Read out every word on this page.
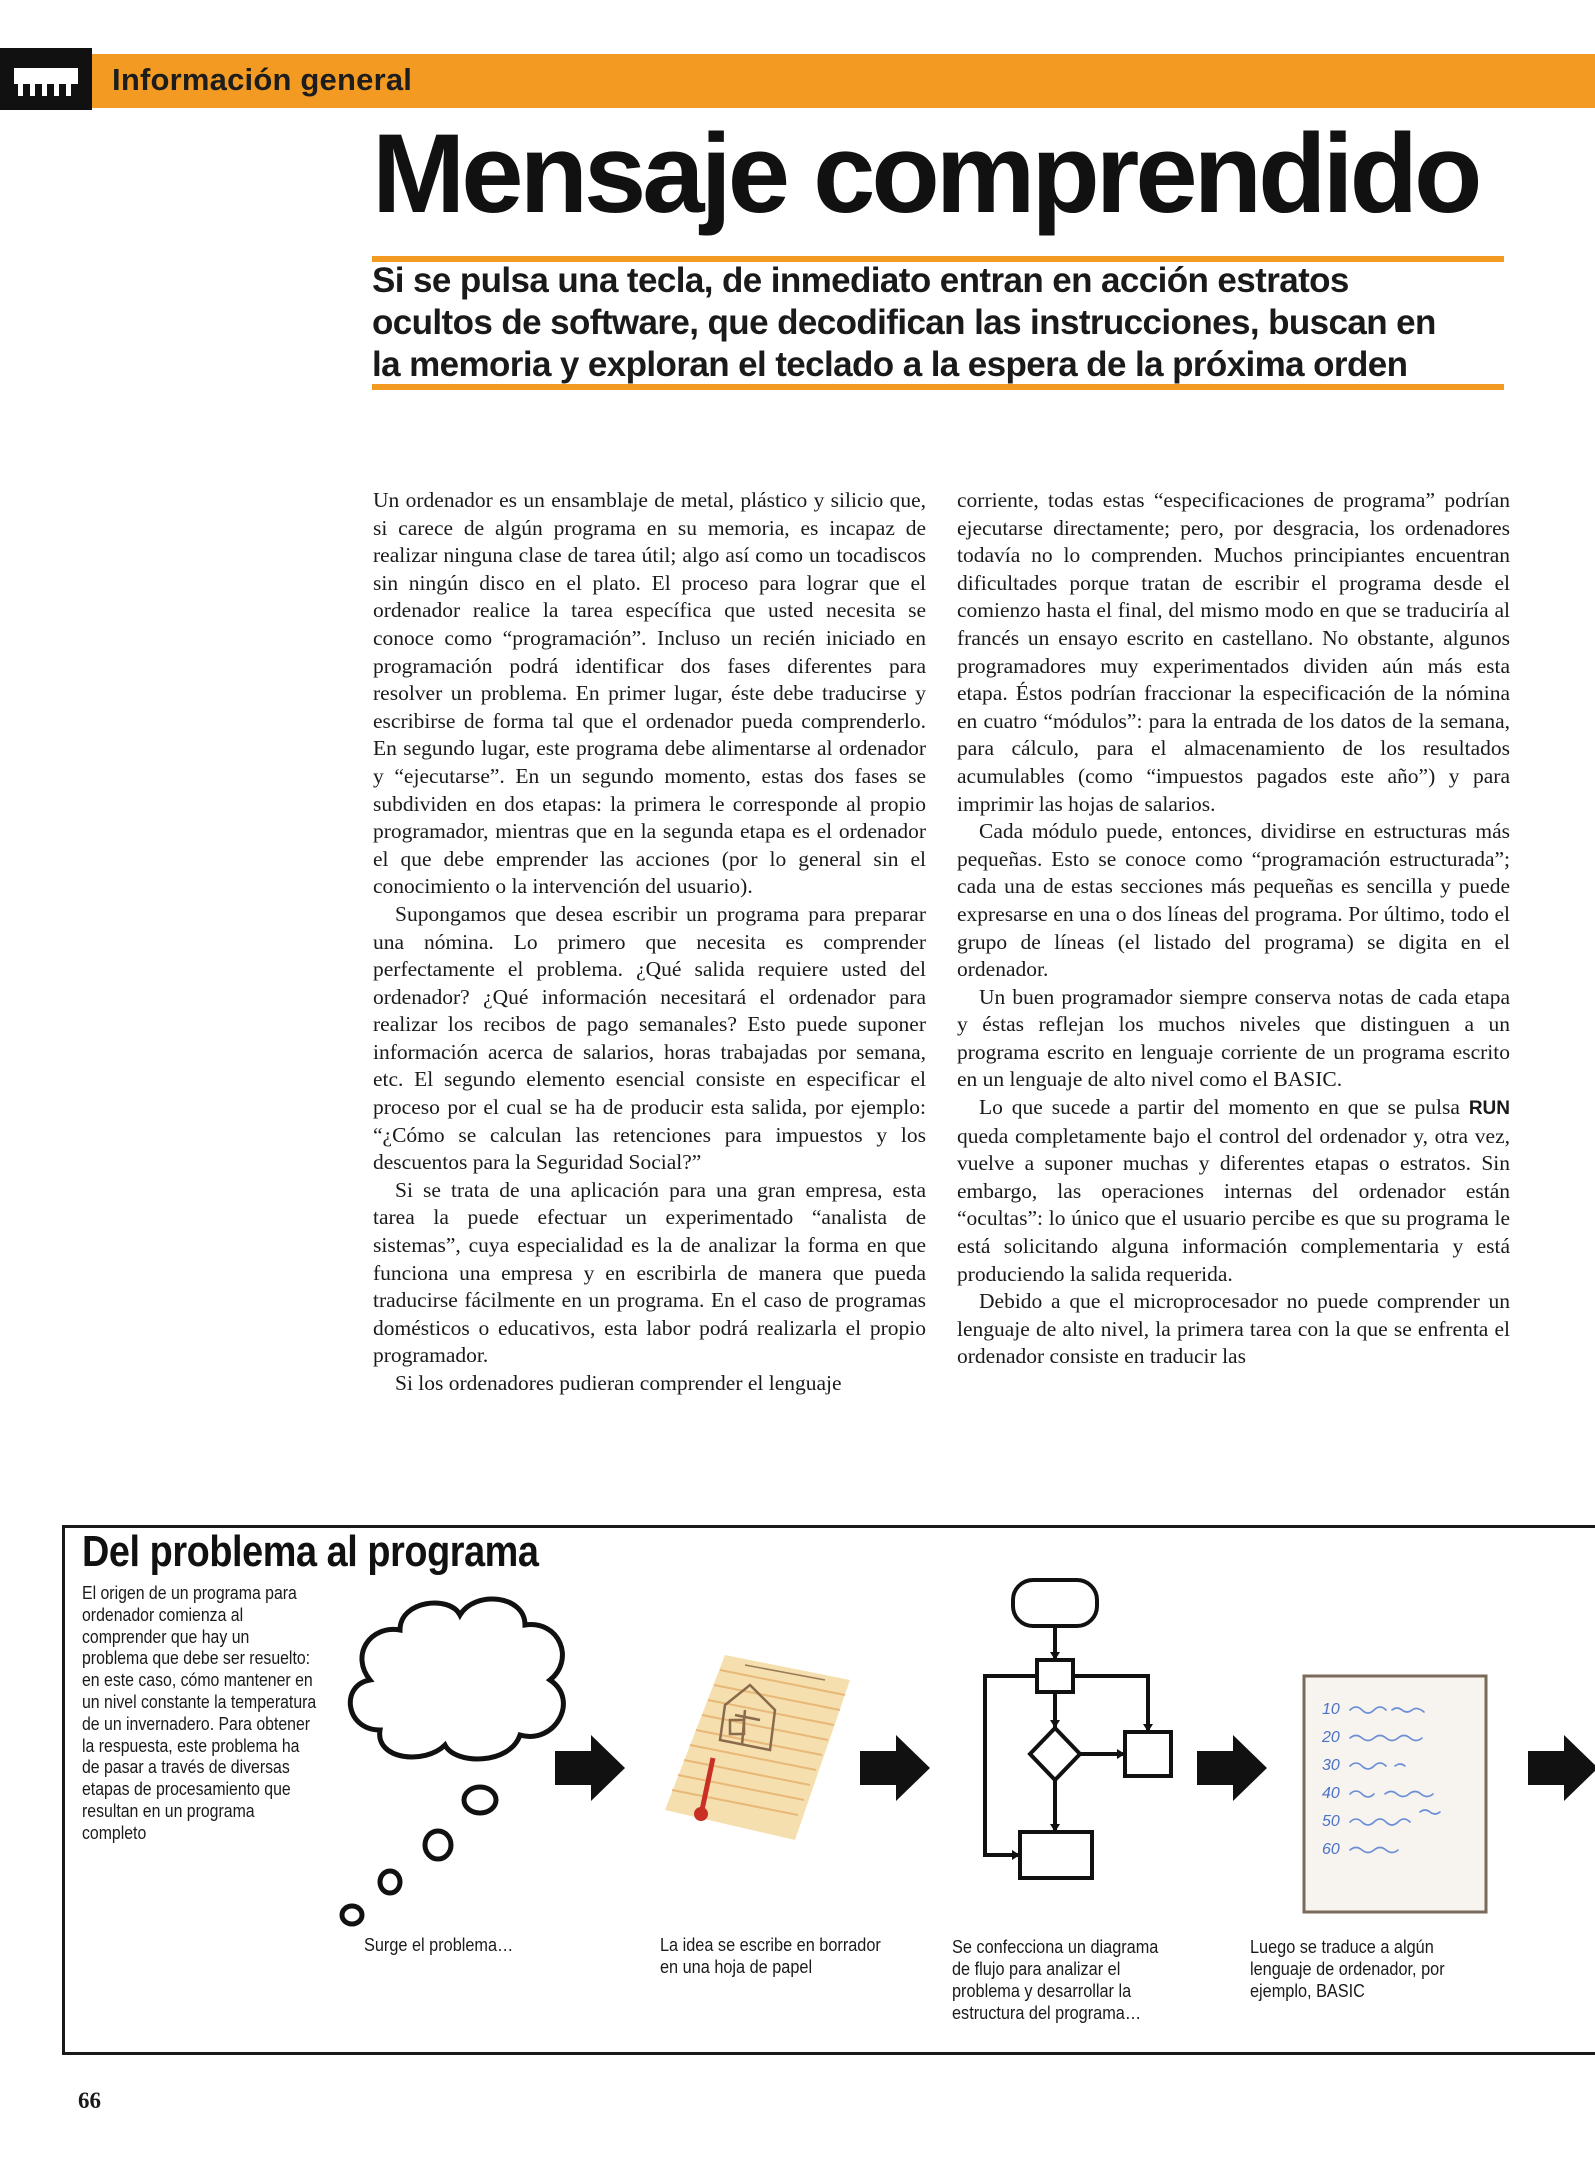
Información general
Mensaje comprendido
Si se pulsa una tecla, de inmediato entran en acción estratos
ocultos de software, que decodifican las instrucciones, buscan en
la memoria y exploran el teclado a la espera de la próxima orden

Un ordenador es un ensamblaje de metal, plástico y silicio que, si carece de algún programa en su memoria, es incapaz de realizar ninguna clase de tarea útil; algo así como un tocadiscos sin ningún disco en el plato. El proceso para lograr que el ordenador realice la tarea específica que usted necesita se conoce como “programación”. Incluso un recién iniciado en programación podrá identificar dos fases diferentes para resolver un problema. En primer lugar, éste debe traducirse y escribirse de forma tal que el ordenador pueda comprenderlo. En segundo lugar, este programa debe alimentarse al ordenador y “ejecutarse”. En un segundo momento, estas dos fases se subdividen en dos etapas: la primera le corresponde al propio programador, mientras que en la segunda etapa es el ordenador el que debe emprender las acciones (por lo general sin el conocimiento o la intervención del usuario).

Supongamos que desea escribir un programa para preparar una nómina. Lo primero que necesita es comprender perfectamente el problema. ¿Qué salida requiere usted del ordenador? ¿Qué información necesitará el ordenador para realizar los recibos de pago semanales? Esto puede suponer información acerca de salarios, horas trabajadas por semana, etc. El segundo elemento esencial consiste en especificar el proceso por el cual se ha de producir esta salida, por ejemplo: “¿Cómo se calculan las retenciones para impuestos y los descuentos para la Seguridad Social?”

Si se trata de una aplicación para una gran empresa, esta tarea la puede efectuar un experimentado “analista de sistemas”, cuya especialidad es la de analizar la forma en que funciona una empresa y en escribirla de manera que pueda traducirse fácilmente en un programa. En el caso de programas domésticos o educativos, esta labor podrá realizarla el propio programador.

Si los ordenadores pudieran comprender el lenguaje

corriente, todas estas “especificaciones de programa” podrían ejecutarse directamente; pero, por desgracia, los ordenadores todavía no lo comprenden. Muchos principiantes encuentran dificultades porque tratan de escribir el programa desde el comienzo hasta el final, del mismo modo en que se traduciría al francés un ensayo escrito en castellano. No obstante, algunos programadores muy experimentados dividen aún más esta etapa. Éstos podrían fraccionar la especificación de la nómina en cuatro “módulos”: para la entrada de los datos de la semana, para cálculo, para el almacenamiento de los resultados acumulables (como “impuestos pagados este año”) y para imprimir las hojas de salarios.

Cada módulo puede, entonces, dividirse en estructuras más pequeñas. Esto se conoce como “programación estructurada”; cada una de estas secciones más pequeñas es sencilla y puede expresarse en una o dos líneas del programa. Por último, todo el grupo de líneas (el listado del programa) se digita en el ordenador.

Un buen programador siempre conserva notas de cada etapa y éstas reflejan los muchos niveles que distinguen a un programa escrito en lenguaje corriente de un programa escrito en un lenguaje de alto nivel como el BASIC.

Lo que sucede a partir del momento en que se pulsa RUN queda completamente bajo el control del ordenador y, otra vez, vuelve a suponer muchas y diferentes etapas o estratos. Sin embargo, las operaciones internas del ordenador están “ocultas”: lo único que el usuario percibe es que su programa le está solicitando alguna información complementaria y está produciendo la salida requerida.

Debido a que el microprocesador no puede comprender un lenguaje de alto nivel, la primera tarea con la que se enfrenta el ordenador consiste en traducir las

Del problema al programa
El origen de un programa para ordenador comienza al comprender que hay un problema que debe ser resuelto: en este caso, cómo mantener en un nivel constante la temperatura de un invernadero. Para obtener la respuesta, este problema ha de pasar a través de diversas etapas de procesamiento que resultan en un programa completo
10
20
30
40
50
60
Surge el problema…	La idea se escribe en borrador en una hoja de papel
Se confecciona un diagrama de flujo para analizar el problema y desarrollar la estructura del programa…
Luego se traduce a algún lenguaje de ordenador, por ejemplo, BASIC
66
